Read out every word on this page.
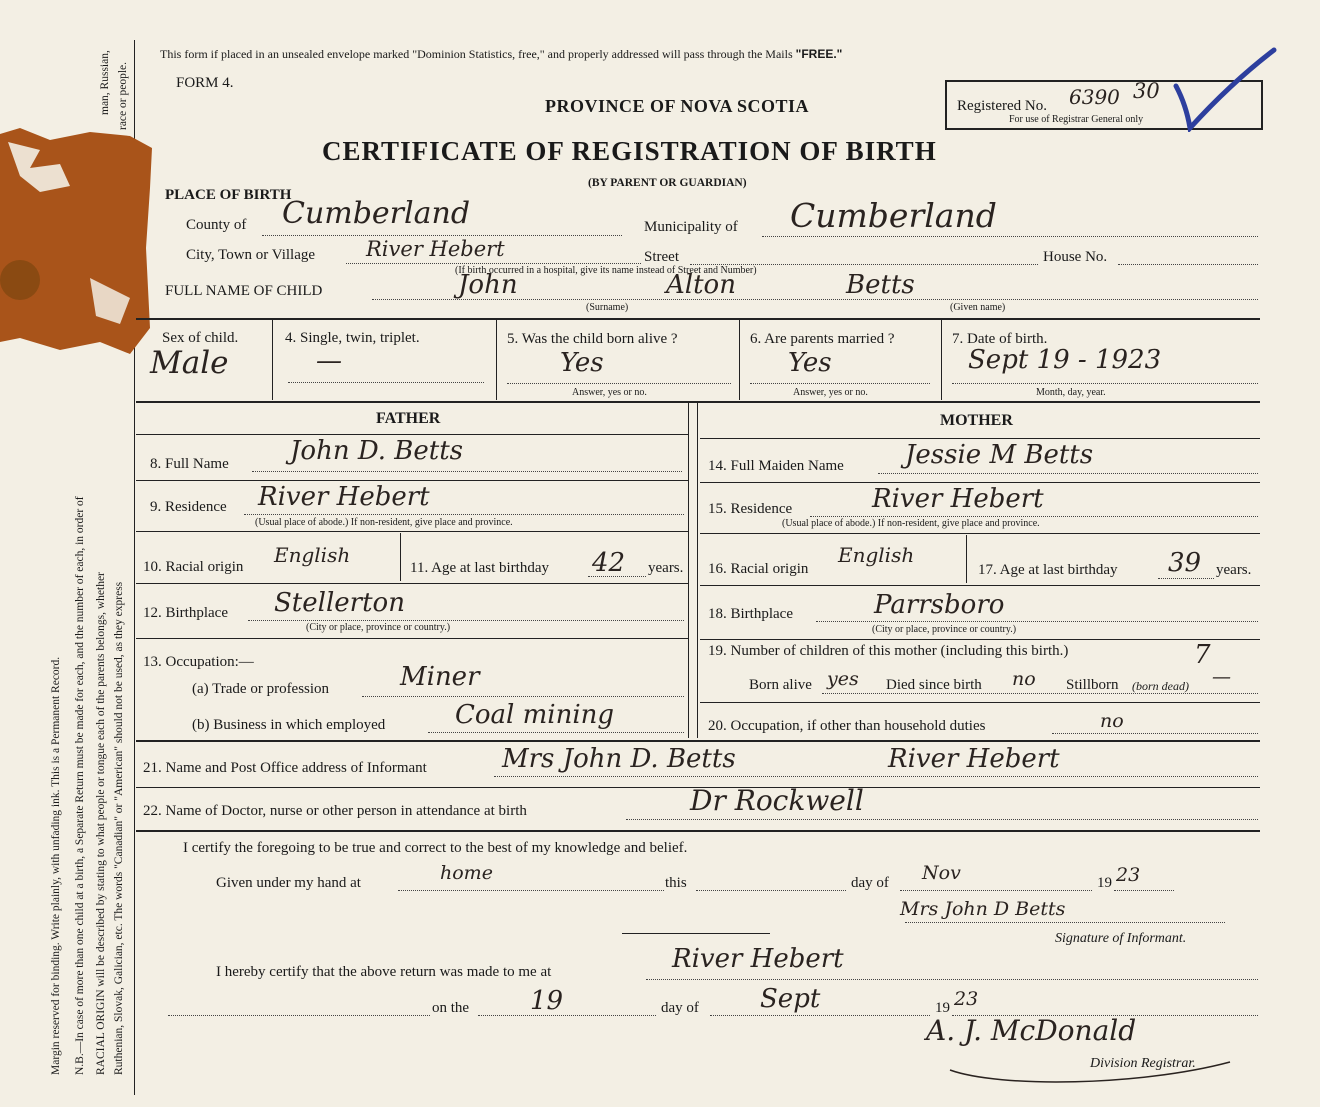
Margin reserved for binding. Write plainly, with unfading ink. This is a Permanent Record. N.B.—In case of more than one child at a birth, a Separate Return must be made for each, and the number of each, in order of RACIAL ORIGIN will be described by stating to what people or tongue each of the parents belongs, whether Ruthenian, Slovak, Galician, etc. The words "Canadian" or "American" should not be used, as they express
man, Russian, race or people.
This form if placed in an unsealed envelope marked "Dominion Statistics, free," and properly addressed will pass through the Mails "FREE."
FORM 4.
PROVINCE OF NOVA SCOTIA
CERTIFICATE OF REGISTRATION OF BIRTH
(BY PARENT OR GUARDIAN)
Registered No. 6390 30
For use of Registrar General only
PLACE OF BIRTH
County of Cumberland	Municipality of Cumberland
City, Town or Village River Hebert	Street	House No.
(If birth occurred in a hospital, give its name instead of Street and Number)
FULL NAME OF CHILD	John	Alton	Betts
(Surname)	(Given name)
Sex of child.
Male
4. Single, twin, triplet.
—
5. Was the child born alive ?
Yes
Answer, yes or no.
6. Are parents married ?
Yes
Answer, yes or no.
7. Date of birth.
Sept 19 - 1923
Month, day, year.
FATHER	MOTHER
8. Full Name John D. Betts
9. Residence River Hebert
(Usual place of abode.) If non-resident, give place and province.
10. Racial origin English
11. Age at last birthday 42 years.
12. Birthplace Stellerton
(City or place, province or country.)
13. Occupation:—
(a) Trade or profession	Miner
(b) Business in which employed	Coal mining
14. Full Maiden Name Jessie M Betts
15. Residence	River Hebert
(Usual place of abode.) If non-resident, give place and province.
16. Racial origin
English
17. Age at last birthday 39 years.
18. Birthplace	Parrsboro
(City or place, province or country.)
19. Number of children of this mother (including this birth.)	7
Born alive yes Died since birth no Stillborn (born dead) —
20. Occupation, if other than household duties	no
21. Name and Post Office address of Informant	Mrs John D. Betts	River Hebert
22. Name of Doctor, nurse or other person in attendance at birth	Dr Rockwell
I certify the foregoing to be true and correct to the best of my knowledge and belief.
Given under my hand at	home	this	day of Nov	19 23
Mrs John D Betts
Signature of Informant.
I hereby certify that the above return was made to me at	River Hebert
on the 19	day of Sept	19 23
A. J. McDonald
Division Registrar.
